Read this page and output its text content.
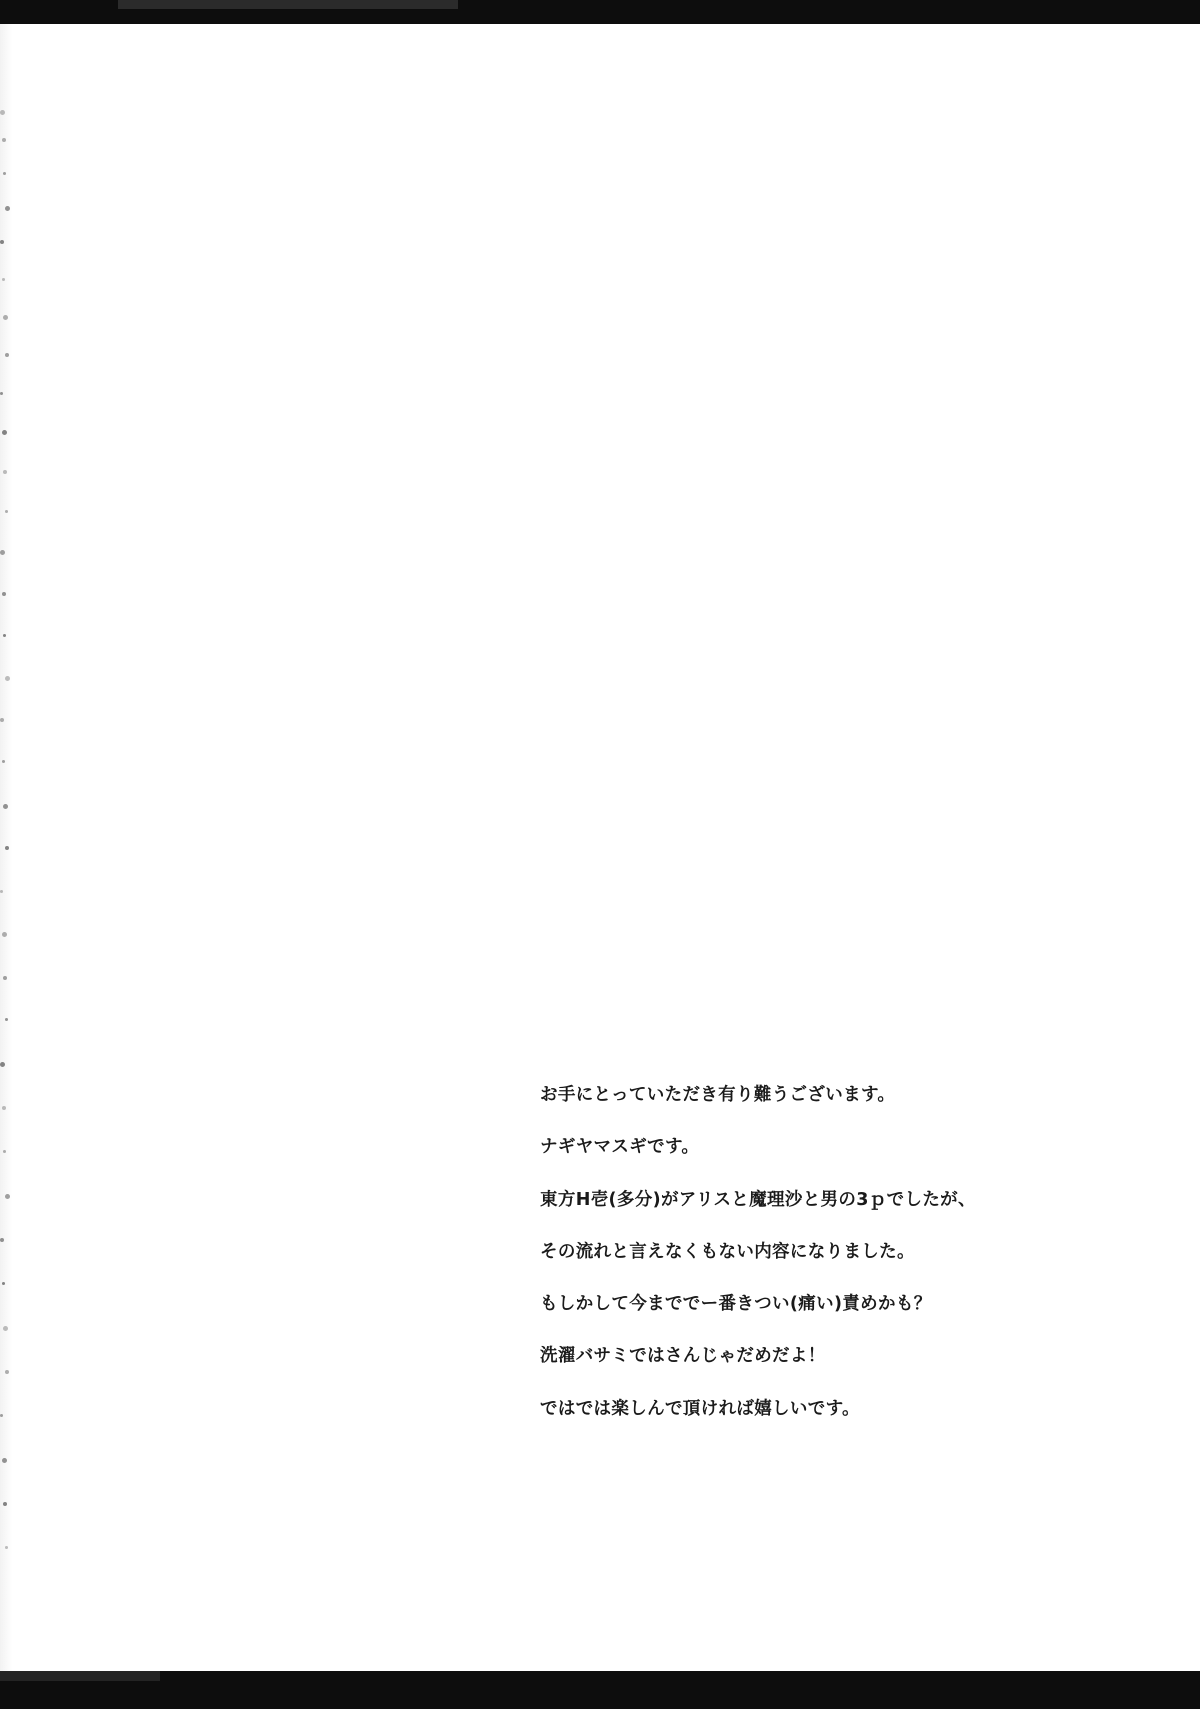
お手にとっていただき有り難うございます。

ナギヤマスギです。

東方H壱(多分)がアリスと魔理沙と男の3ｐでしたが、

その流れと言えなくもない内容になりました。

もしかして今まででー番きつい(痛い)責めかも？

洗濯バサミではさんじゃだめだよ！

ではでは楽しんで頂ければ嬉しいです。
